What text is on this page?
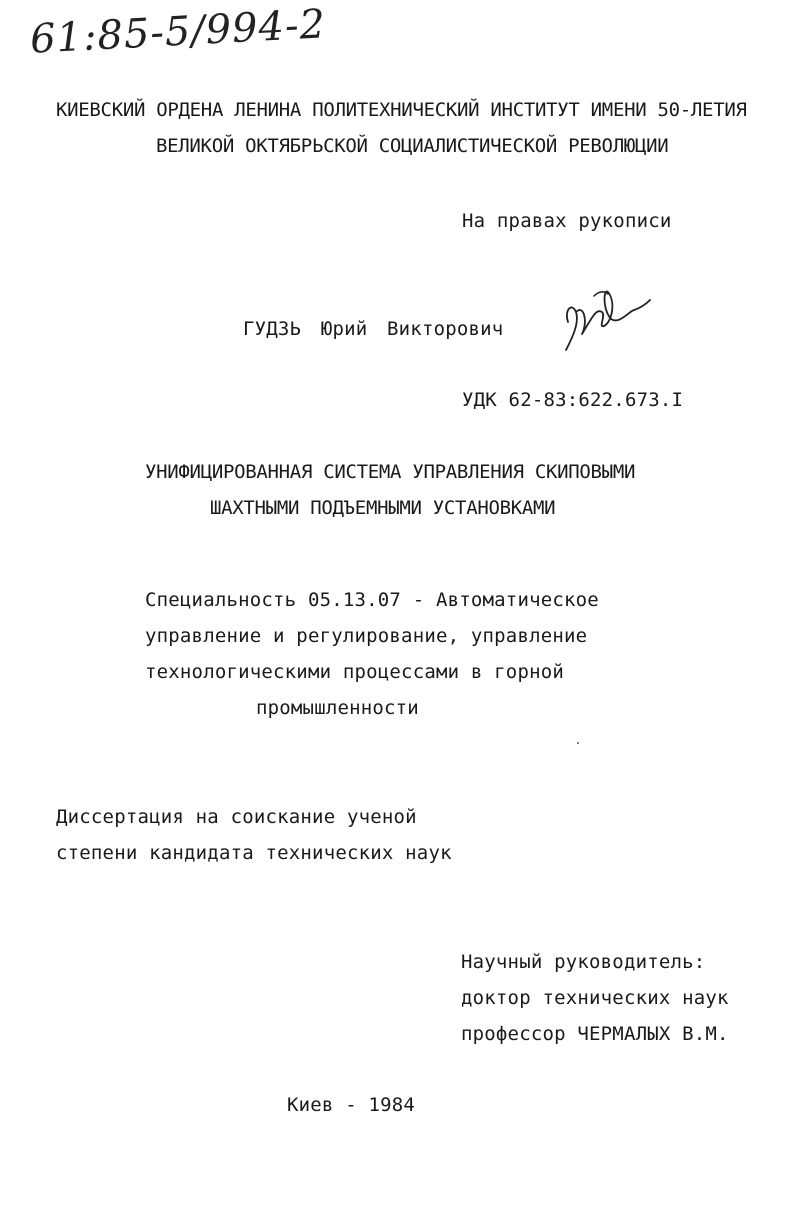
61:85-5/994-2
КИЕВСКИЙ ОРДЕНА ЛЕНИНА ПОЛИТЕХНИЧЕСКИЙ ИНСТИТУТ ИМЕНИ 50-ЛЕТИЯ
ВЕЛИКОЙ ОКТЯБРЬСКОЙ СОЦИАЛИСТИЧЕСКОЙ РЕВОЛЮЦИИ
На правах рукописи
ГУДЗЬ Юрий Викторович
УДК 62-83:622.673.I
УНИФИЦИРОВАННАЯ СИСТЕМА УПРАВЛЕНИЯ СКИПОВЫМИ
ШАХТНЫМИ ПОДЪЕМНЫМИ УСТАНОВКАМИ
Специальность 05.13.07 - Автоматическое
управление и регулирование, управление
технологическими процессами в горной
промышленности
Диссертация на соискание ученой
степени кандидата технических наук
Научный руководитель:
доктор технических наук
профессор ЧЕРМАЛЫХ В.М.
Киев - 1984
